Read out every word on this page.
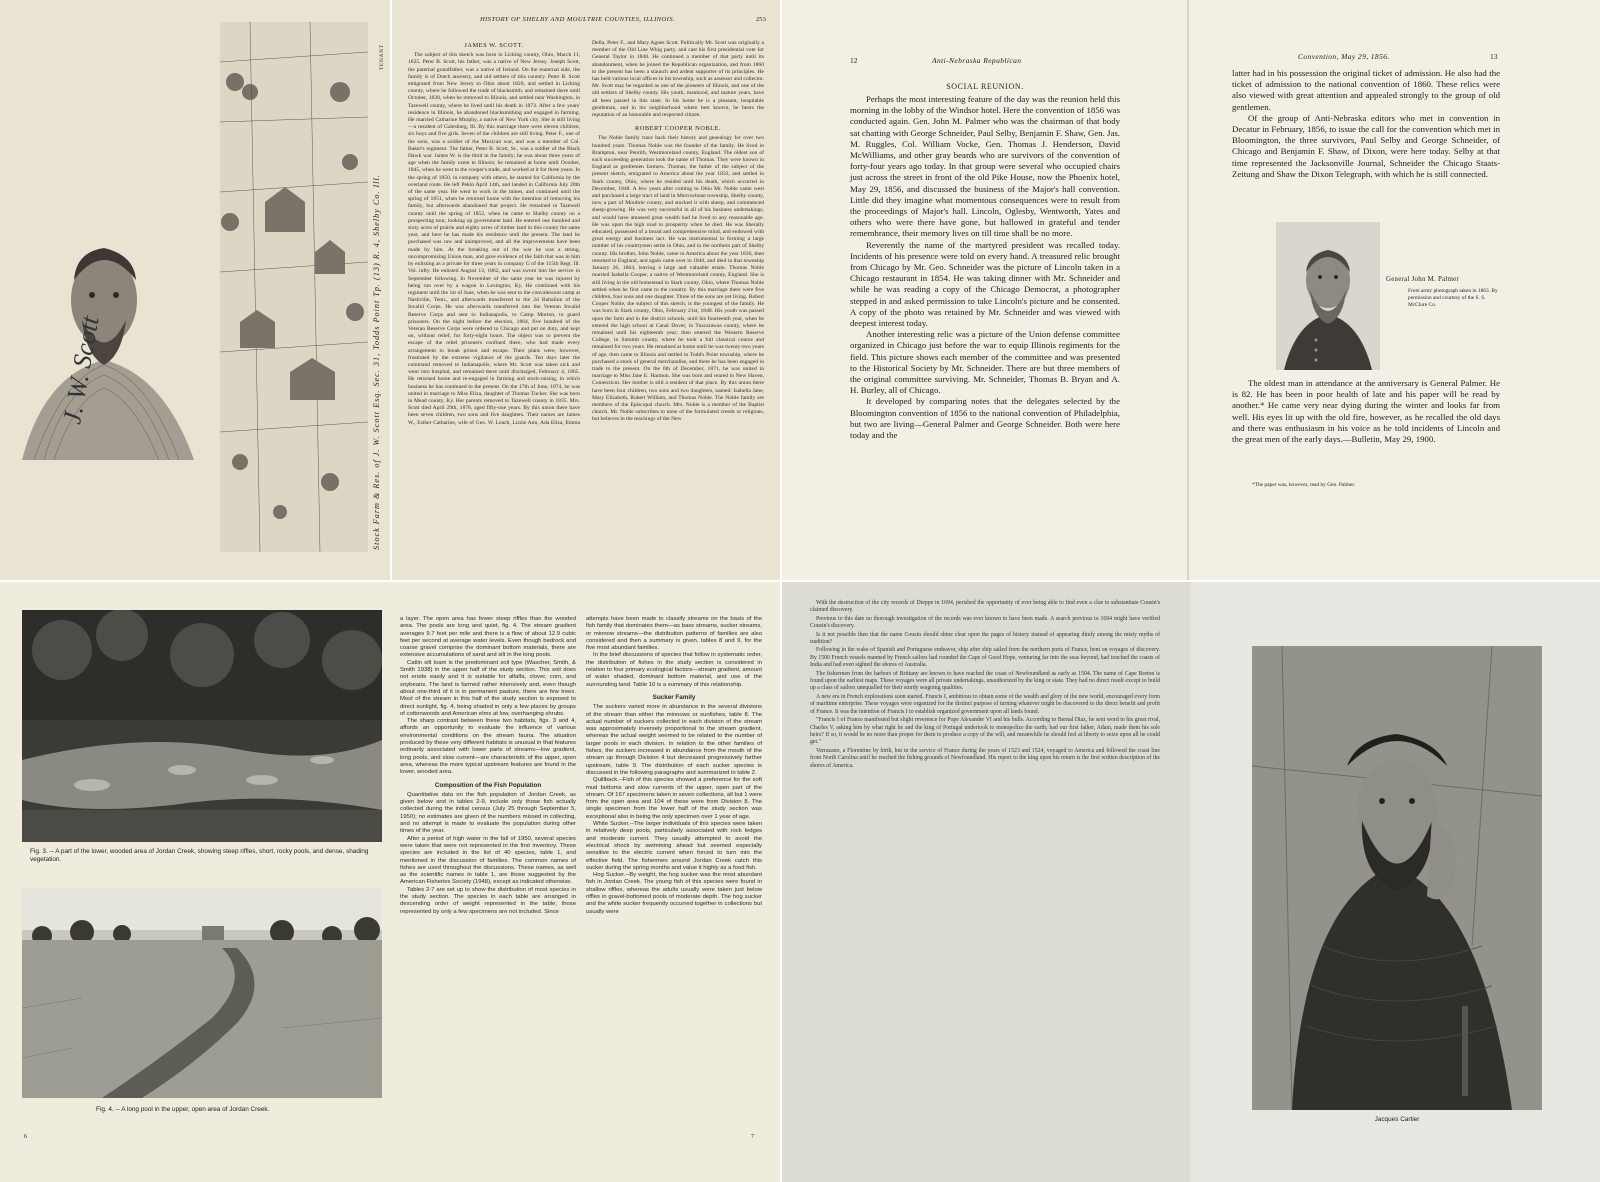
J. W. Scott	Stock Farm & Res. of J. W. Scott Esq. Sec. 31, Todds Point Tp. (13) R. 4, Shelby Co. Ill.
TENANT
HISTORY OF SHELBY AND MOULTRIE COUNTIES, ILLINOIS.	253
JAMES W. SCOTT.

The subject of this sketch was born in Licking county, Ohio, March 11, 1825. Peter B. Scott, his father, was a native of New Jersey. Joseph Scott, the paternal grandfather, was a native of Ireland. On the maternal side, the family is of Dutch ancestry, and old settlers of this country. Peter B. Scott emigrated from New Jersey to Ohio about 1820, and settled in Licking county, where he followed the trade of blacksmith, and remained there until October, 1828, when he removed to Illinois, and settled near Washington, in Tazewell county, where he lived until his death in 1873. After a few years' residence in Illinois, he abandoned blacksmithing and engaged in farming. He married Catharine Murphy, a native of New York city. She is still living—a resident of Galesburg, Ill. By this marriage there were eleven children, six boys and five girls. Seven of the children are still living. Peter F., one of the sons, was a soldier of the Mexican war, and was a member of Col. Baker's regiment. The father, Peter B. Scott, Sr., was a soldier of the Black Hawk war. James W. is the third in the family; he was about three years of age when the family came to Illinois; he remained at home until October, 1845, when he went to the cooper's trade, and worked at it for three years. In the spring of 1850, in company with others, he started for California by the overland route. He left Pekin April 14th, and landed in California July 28th of the same year. He went to work in the mines, and continued until the spring of 1851, when he returned home with the intention of removing his family, but afterwards abandoned that project. He remained in Tazewell county until the spring of 1852, when he came to Shelby county on a prospecting tour, looking up government land. He entered one hundred and sixty acres of prairie and eighty acres of timber land in this county the same year, and here he has made his residence until the present. The land he purchased was raw and unimproved, and all the improvements have been made by him. At the breaking out of the war he was a strong, uncompromising Union man, and gave evidence of the faith that was in him by enlisting as a private for three years in company G of the 115th Regt. Ill. Vol. infty. He enlisted August 13, 1862, and was sworn into the service in September following. In November of the same year he was injured by being run over by a wagon in Lexington, Ky. He continued with his regiment until the 1st of June, when he was sent to the convalescent camp at Nashville, Tenn., and afterwards transferred to the 2d Battalion of the Invalid Corps. He was afterwards transferred into the Veteran Invalid Reserve Corps and sent to Indianapolis, to Camp Morton, to guard prisoners. On the night before the election, 1864, five hundred of the Veteran Reserve Corps were ordered to Chicago and put on duty, and kept on, without relief, for forty-eight hours. The object was to prevent the escape of the rebel prisoners confined there, who had made every arrangement to break prison and escape. Their plans were, however, frustrated by the extreme vigilance of the guards. Ten days later the command removed to Indianapolis, where Mr. Scott was taken sick and went into hospital, and remained there until discharged, February 4, 1865. He returned home and re-engaged in farming and stock-raising, in which business he has continued to the present. On the 17th of June, 1874, he was united in marriage to Miss Eliza, daughter of Thomas Tucker. She was born in Mead county, Ky. Her parents removed to Tazewell county in 1835. Mrs. Scott died April 29th, 1878, aged fifty-one years. By this union there have been seven children, two sons and five daughters. Their names are James W., Esther Catharine, wife of Geo. W. Leach, Lizzie Ann, Ada Eliza, Emma Della, Peter F., and Mary Agnes Scott. Politically Mr. Scott was originally a member of the Old Line Whig party, and cast his first presidential vote for General Taylor in 1848. He continued a member of that party until its abandonment, when he joined the Republican organization, and from 1860 to the present has been a staunch and ardent supporter of its principles. He has held various local offices in his township, such as assessor and collector. Mr. Scott may be regarded as one of the pioneers of Illinois, and one of the old settlers of Shelby county. His youth, manhood, and mature years, have all been passed in this state. In his home he is a pleasant, hospitable gentleman, and in his neighborhood where best known, he bears the reputation of an honorable and respected citizen.

ROBERT COOPER NOBLE.

The Noble family trace back their history and genealogy for over two hundred years. Thomas Noble was the founder of the family. He lived in Brampton, near Penrith, Westmoreland county, England. The oldest son of each succeeding generation took the name of Thomas. They were known in England as gentlemen farmers. Thomas, the father of the subject of the present sketch, emigrated to America about the year 1833, and settled in Stark county, Ohio, where he resided until his death, which occurred in December, 1848. A few years after coming to Ohio Mr. Noble came west and purchased a large tract of land in Merrowbone township, Shelby county, now a part of Moultrie county, and stocked it with sheep, and commenced sheep-growing. He was very successful in all of his business undertakings, and would have amassed great wealth had he lived to any reasonable age. He was upon the high road to prosperity when he died. He was liberally educated, possessed of a broad and comprehensive mind, and endowed with great energy and business tact. He was instrumental in forming a large number of his countrymen settle in Ohio, and in the northern part of Shelby county. His brother, John Noble, came to America about the year 1830, then returned to England, and again came over in 1840, and died in that township January 26, 1864, leaving a large and valuable estate. Thomas Noble married Isabella Cooper, a native of Westmoreland county, England. She is still living in the old homestead in Stark county, Ohio, where Thomas Noble settled when he first came to the country. By this marriage there were five children, four sons and one daughter. Three of the sons are yet living. Robert Cooper Noble, the subject of this sketch, is the youngest of the family. He was born in Stark county, Ohio, February 21st, 1848. His youth was passed upon the farm and in the district schools, until his fourteenth year, when he entered the high school at Canal Dover, in Tuscarawas county, where he remained until his eighteenth year; then entered the Western Reserve College, in Summit county, where he took a full classical course and remained for two years. He remained at home until he was twenty-two years of age, then came to Illinois and settled in Todd's Point township, where he purchased a stock of general merchandise, and there he has been engaged in trade to the present. On the 6th of December, 1871, he was united in marriage to Miss Jane E. Harmon. She was born and reared in New Haven, Connecticut. Her mother is still a resident of that place. By this union there have been four children, two sons and two daughters, named: Isabella Jane, Mary Elizabeth, Robert William, and Thomas Noble. The Noble family are members of the Episcopal church. Mrs. Noble is a member of the Baptist church. Mr. Noble subscribes to none of the formulated creeds or religions, but believes in the teachings of the New

12	Anti-Nebraska Republican
SOCIAL REUNION.

Perhaps the most interesting feature of the day was the reunion held this morning in the lobby of the Windsor hotel. Here the convention of 1856 was conducted again. Gen. John M. Palmer who was the chairman of that body sat chatting with George Schneider, Paul Selby, Benjamin F. Shaw, Gen. Jas. M. Ruggles, Col. William Vocke, Gen. Thomas J. Henderson, David McWilliams, and other gray beards who are survivors of the convention of forty-four years ago today. In that group were several who occupied chairs just across the street in front of the old Pike House, now the Phoenix hotel, May 29, 1856, and discussed the business of the Major's hall convention. Little did they imagine what momentous consequences were to result from the proceedings of Major's hall. Lincoln, Oglesby, Wentworth, Yates and others who were there have gone, but hallowed in grateful and tender remembrance, their memory lives on till time shall be no more.

Reverently the name of the martyred president was recalled today. Incidents of his presence were told on every hand. A treasured relic brought from Chicago by Mr. Geo. Schneider was the picture of Lincoln taken in a Chicago restaurant in 1854. He was taking dinner with Mr. Schneider and while he was reading a copy of the Chicago Democrat, a photographer stepped in and asked permission to take Lincoln's picture and he consented. A copy of the photo was retained by Mr. Schneider and was viewed with deepest interest today.

Another interesting relic was a picture of the Union defense committee organized in Chicago just before the war to equip Illinois regiments for the field. This picture shows each member of the committee and was presented to the Historical Society by Mr. Schneider. There are but three members of the original committee surviving. Mr. Schneider, Thomas B. Bryan and A. H. Burley, all of Chicago.

It developed by comparing notes that the delegates selected by the Bloomington convention of 1856 to the national convention of Philadelphia, but two are living—General Palmer and George Schneider. Both were here today and the

Convention, May 29, 1856.	13

latter had in his possession the original ticket of admission. He also had the ticket of admission to the national convention of 1860. These relics were also viewed with great attention and appealed strongly to the group of old gentlemen.

Of the group of Anti-Nebraska editors who met in convention in Decatur in February, 1856, to issue the call for the convention which met in Bloomington, the three survivors, Paul Selby and George Schneider, of Chicago and Benjamin F. Shaw, of Dixon, were here today. Selby at that time represented the Jacksonville Journal, Schneider the Chicago Staats-Zeitung and Shaw the Dixon Telegraph, with which he is still connected.

General John M. Palmer
From army photograph taken in 1863. By permission and courtesy of the S. S. McClure Co.

The oldest man in attendance at the anniversary is General Palmer. He is 82. He has been in poor health of late and his paper will be read by another.* He came very near dying during the winter and looks far from well. His eyes lit up with the old fire, however, as he recalled the old days and there was enthusiasm in his voice as he told incidents of Lincoln and the great men of the early days.—Bulletin, May 29, 1900.

*The paper was, however, read by Gen. Palmer.
Fig. 3. -- A part of the lower, wooded area of Jordan Creek, showing steep riffles, short, rocky pools, and dense, shading vegetation.
Fig. 4. -- A long pool in the upper, open area of Jordan Creek.
6

a layer. The open area has fewer steep riffles than the wooded area. The pools are long and quiet, fig. 4. The stream gradient averages 9.7 feet per mile and there is a flow of about 12.9 cubic feet per second at average water levels. Even though bedrock and coarse gravel comprise the dominant bottom materials, there are extensive accumulations of sand and silt in the long pools.

Catlin silt loam is the predominant soil type (Wascher, Smith, & Smith 1938) in the upper half of the study section. This soil does not erode easily and it is suitable for alfalfa, clover, corn, and soybeans. The land is farmed rather intensively and, even though about one-third of it is in permanent pasture, there are few trees. Most of the stream in this half of the study section is exposed to direct sunlight, fig. 4, being shaded in only a few places by groups of cottonwoods and American elms at low, overhanging shrubs.

The sharp contrast between these two habitats, figs. 3 and 4, affords an opportunity to evaluate the influence of various environmental conditions on the stream fauna. The situation produced by these very different habitats is unusual in that features ordinarily associated with lower parts of streams—low gradient, long pools, and slow current—are characteristic of the upper, open area, whereas the more typical upstream features are found in the lower, wooded area.

Composition of the Fish Population

Quantitative data on the fish population of Jordan Creek, as given below and in tables 2-9, include only those fish actually collected during the initial census (July 25 through September 5, 1950); no estimates are given of the numbers missed in collecting, and no attempt is made to evaluate the population during other times of the year.

After a period of high water in the fall of 1950, several species were taken that were not represented in the first inventory. These species are included in the list of 40 species, table 1, and mentioned in the discussion of families. The common names of fishes are used throughout the discussions. These names, as well as the scientific names in table 1, are those suggested by the American Fisheries Society (1948), except as indicated otherwise.

Tables 2-7 are set up to show the distribution of most species in the study section. The species in each table are arranged in descending order of weight represented in the table; those represented by only a few specimens are not included. Since

attempts have been made to classify streams on the basis of the fish family that dominates them—as bass streams, sucker streams, or minnow streams—the distribution patterns of families are also considered and then a summary is given, tables 8 and 9, for the five most abundant families.

In the brief discussions of species that follow in systematic order, the distribution of fishes in the study section is considered in relation to four primary ecological factors—stream gradient, amount of water shaded, dominant bottom material, and use of the surrounding land. Table 10 is a summary of this relationship.

Sucker Family

The suckers varied more in abundance in the several divisions of the stream than either the minnows or sunfishes, table 8. The actual number of suckers collected in each division of the stream was approximately inversely proportional to the stream gradient, whereas the actual weight seemed to be related to the number of larger pools in each division. In relation to the other families of fishes, the suckers increased in abundance from the mouth of the stream up through Division 4 but decreased progressively farther upstream, table 9. The distribution of each sucker species is discussed in the following paragraphs and summarized in table 2.

Quillback.--Fish of this species showed a preference for the soft mud bottoms and slow currents of the upper, open part of the stream. Of 167 specimens taken in seven collections, all but 1 were from the open area and 104 of these were from Division 8. The single specimen from the lower half of the study section was exceptional also in being the only specimen over 1 year of age.

White Sucker.--The larger individuals of this species were taken in relatively deep pools, particularly associated with rock ledges and moderate current. They usually attempted to avoid the electrical shock by swimming ahead but seemed especially sensitive to the electric current when forced to turn into the effective field. The fishermen around Jordan Creek catch this sucker during the spring months and value it highly as a food fish.

Hog Sucker.--By weight, the hog sucker was the most abundant fish in Jordan Creek. The young fish of this species were found in shallow riffles, whereas the adults usually were taken just below riffles in gravel-bottomed pools of moderate depth. The hog sucker and the white sucker frequently occurred together in collections but usually were

7

With the destruction of the city records of Dieppe in 1694, perished the opportunity of ever being able to find even a clue to substantiate Cousin's claimed discovery.

Previous to this date no thorough investigation of the records was ever known to have been made. A search previous to 1694 might have verified Cousin's discovery.

Is it not possible then that the name Cousin should shine clear upon the pages of history instead of appearing dimly among the misty myths of tradition?

Following in the wake of Spanish and Portuguese endeavor, ship after ship sailed from the northern ports of France, bent on voyages of discovery. By 1500 French vessels manned by French sailors had rounded the Cape of Good Hope, venturing far into the seas beyond, had touched the coasts of India and had even sighted the shores of Australia.

The fishermen from the harbors of Brittany are known to have reached the coast of Newfoundland as early as 1504. The name of Cape Breton is found upon the earliest maps. These voyages were all private undertakings, unauthorized by the king or state. They had no direct result except to build up a class of sailors unequalled for their sturdy seagoing qualities.

A new era in French explorations soon started. Francis I, ambitious to obtain some of the wealth and glory of the new world, encouraged every form of maritime enterprise. These voyages were organized for the distinct purpose of turning whatever might be discovered to the direct benefit and profit of France. It was the intention of Francis I to establish organized government upon all lands found.

"Francis I of France manifested but slight reverence for Pope Alexander VI and his bulls. According to Bernal Diaz, he sent word to his great rival, Charles V, asking him by what right he and the king of Portugal undertook to monopolize the earth; had our first father, Adam, made them his sole heirs? If so, it would be no more than proper for them to produce a copy of the will, and meanwhile he should feel at liberty to seize upon all he could get."

Verrazano, a Florentine by birth, but in the service of France during the years of 1523 and 1524, voyaged to America and followed the coast line from North Carolina until he reached the fishing grounds of Newfoundland. His report to the king upon his return is the first written description of the shores of America.

Jacques Cartier
